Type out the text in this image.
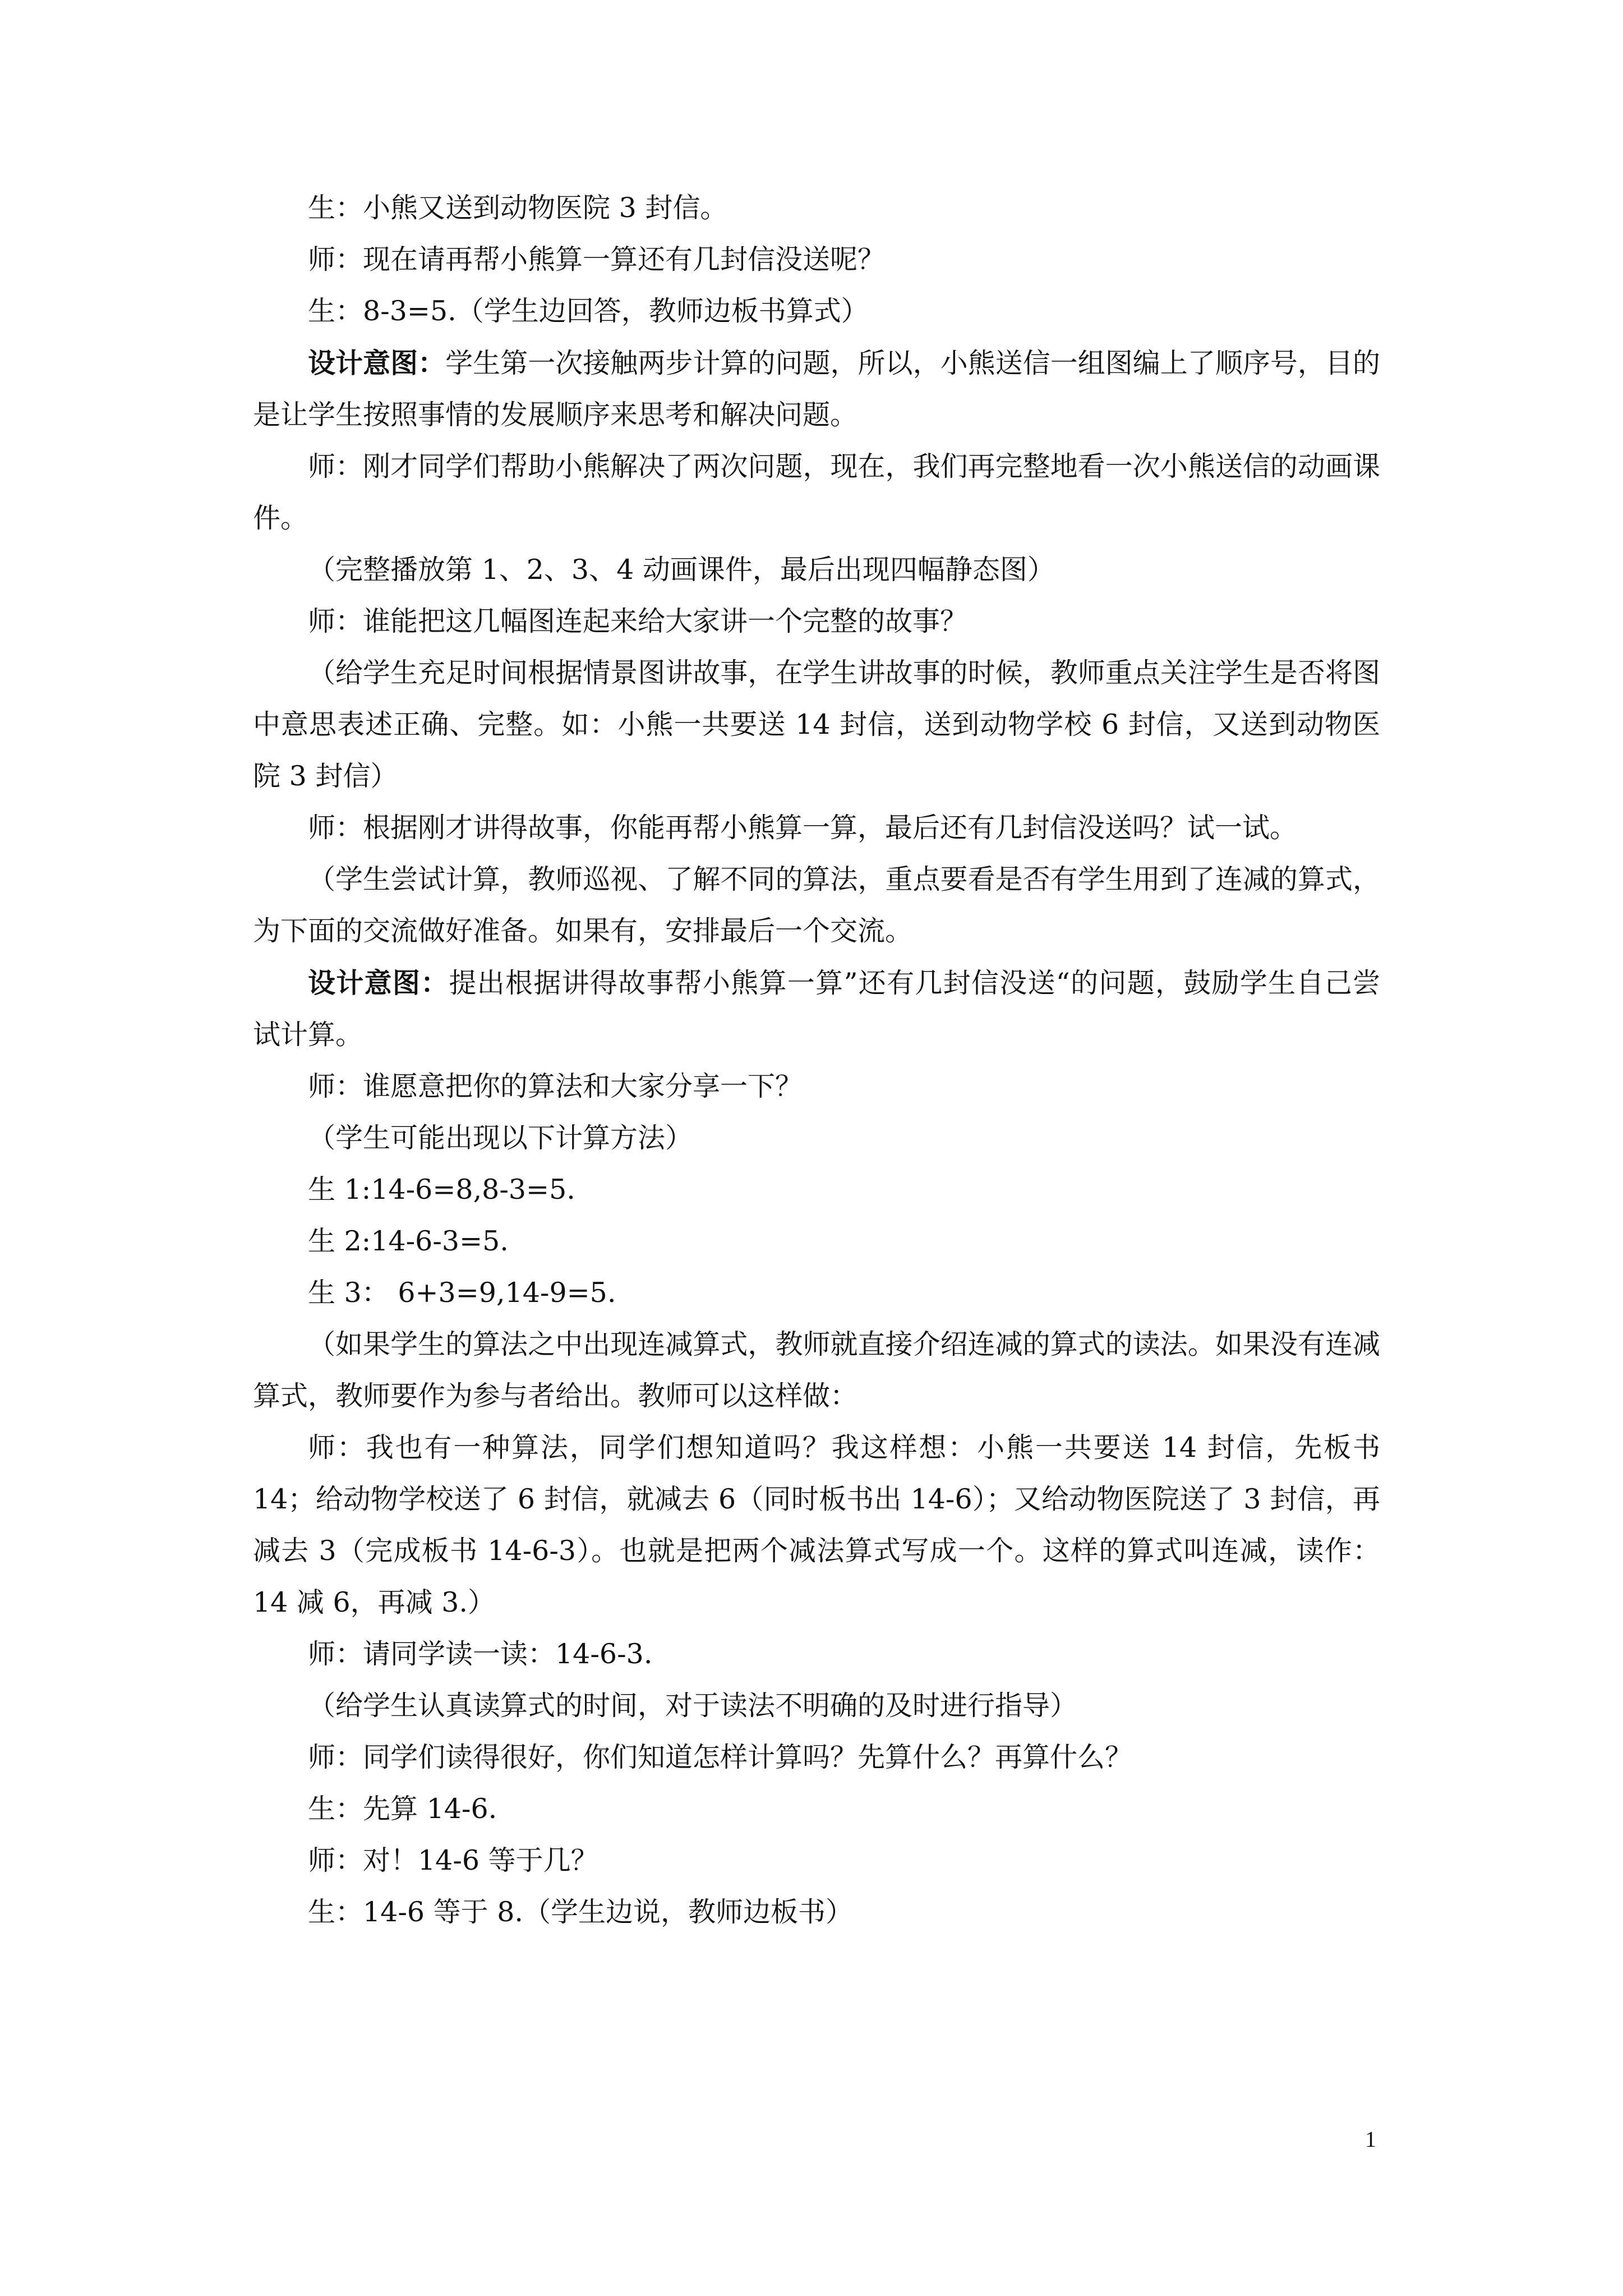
生：小熊又送到动物医院 3 封信。

师：现在请再帮小熊算一算还有几封信没送呢？

生：8-3=5.（学生边回答，教师边板书算式）

设计意图：学生第一次接触两步计算的问题，所以，小熊送信一组图编上了顺序号，目的是让学生按照事情的发展顺序来思考和解决问题。

师：刚才同学们帮助小熊解决了两次问题，现在，我们再完整地看一次小熊送信的动画课件。

（完整播放第 1、2、3、4 动画课件，最后出现四幅静态图）

师：谁能把这几幅图连起来给大家讲一个完整的故事？

（给学生充足时间根据情景图讲故事，在学生讲故事的时候，教师重点关注学生是否将图中意思表述正确、完整。如：小熊一共要送 14 封信，送到动物学校 6 封信，又送到动物医院 3 封信）

师：根据刚才讲得故事，你能再帮小熊算一算，最后还有几封信没送吗？试一试。

（学生尝试计算，教师巡视、了解不同的算法，重点要看是否有学生用到了连减的算式，为下面的交流做好准备。如果有，安排最后一个交流。

设计意图：提出根据讲得故事帮小熊算一算”还有几封信没送“的问题，鼓励学生自己尝试计算。

师：谁愿意把你的算法和大家分享一下？

（学生可能出现以下计算方法）

生 1:14-6=8,8-3=5.

生 2:14-6-3=5.

生 3： 6+3=9,14-9=5.

（如果学生的算法之中出现连减算式，教师就直接介绍连减的算式的读法。如果没有连减算式，教师要作为参与者给出。教师可以这样做：

师：我也有一种算法，同学们想知道吗？我这样想：小熊一共要送 14 封信，先板书 14；给动物学校送了 6 封信，就减去 6（同时板书出 14-6）；又给动物医院送了 3 封信，再减去 3（完成板书 14-6-3）。也就是把两个减法算式写成一个。这样的算式叫连减，读作：14 减 6，再减 3.）

师：请同学读一读：14-6-3.

（给学生认真读算式的时间，对于读法不明确的及时进行指导）

师：同学们读得很好，你们知道怎样计算吗？先算什么？再算什么？

生：先算 14-6.

师：对！14-6 等于几？

生：14-6 等于 8.（学生边说，教师边板书）

1
